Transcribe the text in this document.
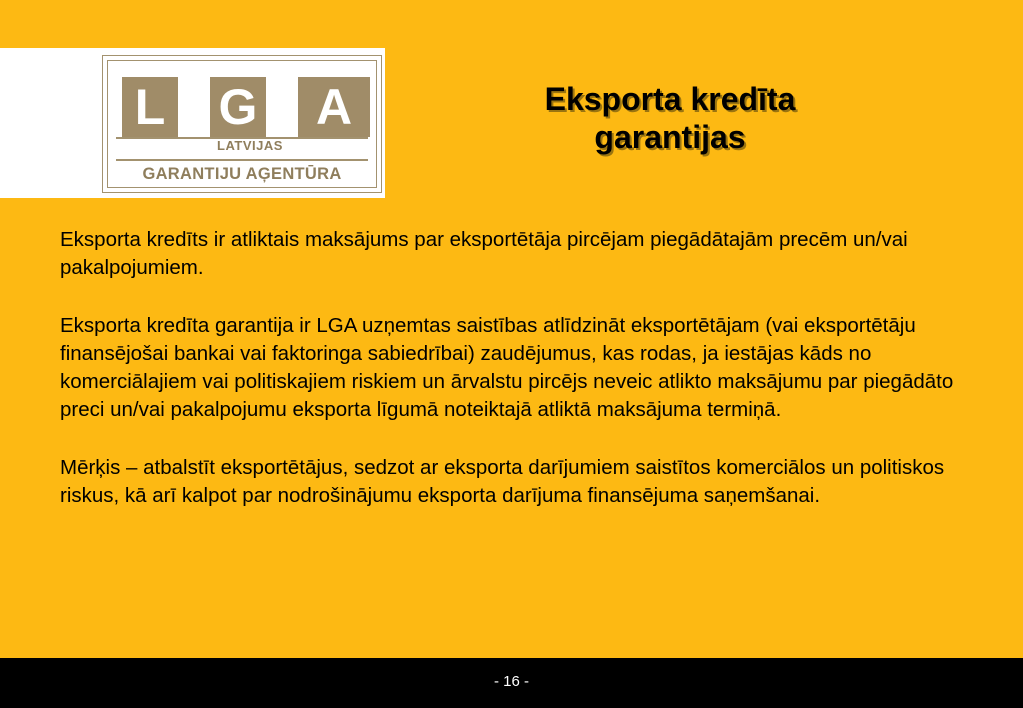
L G	A
LATVIJAS
GARANTIJU AĢENTŪRA
Eksporta kredīta
garantijas

Eksporta kredīts ir atliktais maksājums par eksportētāja pircējam piegādātajām precēm un/vai pakalpojumiem.

Eksporta kredīta garantija ir LGA uzņemtas saistības atlīdzināt eksportētājam (vai eksportētāju finansējošai bankai vai faktoringa sabiedrībai) zaudējumus, kas rodas, ja iestājas kāds no komerciālajiem vai politiskajiem riskiem un ārvalstu pircējs neveic atlikto maksājumu par piegādāto preci un/vai pakalpojumu eksporta līgumā noteiktajā atliktā maksājuma termiņā.

Mērķis – atbalstīt eksportētājus, sedzot ar eksporta darījumiem saistītos komerciālos un politiskos riskus, kā arī kalpot par nodrošinājumu eksporta darījuma finansējuma saņemšanai.

- 16 -
